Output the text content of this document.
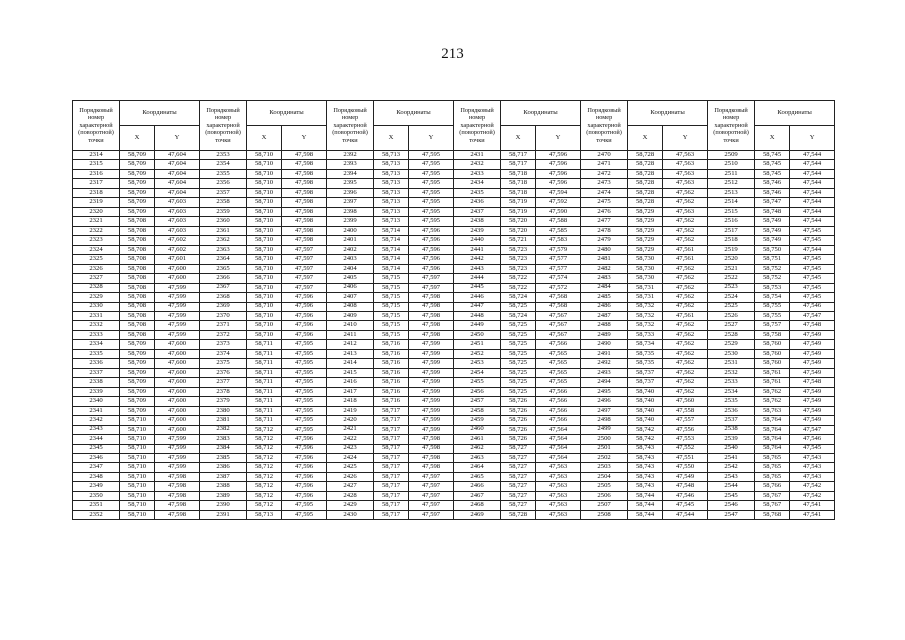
213
Порядковый номер характерной (поворотной) точки	Координаты		Порядковый номер характерной (поворотной) точки	Координаты		Порядковый номер характерной (поворотной) точки	Координаты		Порядковый номер характерной (поворотной) точки	Координаты		Порядковый номер характерной (поворотной) точки	Координаты		Порядковый номер характерной (поворотной) точки	Координаты	
	X	Y		X	Y		X	Y		X	Y		X	Y		X	Y
2314	58,709	47,604	2353	58,710	47,598	2392	58,713	47,595	2431	58,717	47,596	2470	58,728	47,563	2509	58,745	47,544
2315	58,709	47,604	2354	58,710	47,598	2393	58,713	47,595	2432	58,717	47,596	2471	58,728	47,563	2510	58,745	47,544
2316	58,709	47,604	2355	58,710	47,598	2394	58,713	47,595	2433	58,718	47,596	2472	58,728	47,563	2511	58,745	47,544
2317	58,709	47,604	2356	58,710	47,598	2395	58,713	47,595	2434	58,718	47,596	2473	58,728	47,563	2512	58,746	47,544
2318	58,709	47,604	2357	58,710	47,598	2396	58,713	47,595	2435	58,718	47,594	2474	58,728	47,562	2513	58,746	47,544
2319	58,709	47,603	2358	58,710	47,598	2397	58,713	47,595	2436	58,719	47,592	2475	58,728	47,562	2514	58,747	47,544
2320	58,709	47,603	2359	58,710	47,598	2398	58,713	47,595	2437	58,719	47,590	2476	58,729	47,563	2515	58,748	47,544
2321	58,708	47,603	2360	58,710	47,598	2399	58,713	47,595	2438	58,720	47,588	2477	58,729	47,562	2516	58,749	47,544
2322	58,708	47,603	2361	58,710	47,598	2400	58,714	47,596	2439	58,720	47,585	2478	58,729	47,562	2517	58,749	47,545
2323	58,708	47,602	2362	58,710	47,598	2401	58,714	47,596	2440	58,721	47,583	2479	58,729	47,562	2518	58,749	47,545
2324	58,708	47,602	2363	58,710	47,597	2402	58,714	47,596	2441	58,723	47,579	2480	58,729	47,561	2519	58,750	47,544
2325	58,708	47,601	2364	58,710	47,597	2403	58,714	47,596	2442	58,723	47,577	2481	58,730	47,561	2520	58,751	47,545
2326	58,708	47,600	2365	58,710	47,597	2404	58,714	47,596	2443	58,723	47,577	2482	58,730	47,562	2521	58,752	47,545
2327	58,708	47,600	2366	58,710	47,597	2405	58,715	47,597	2444	58,722	47,574	2483	58,730	47,562	2522	58,752	47,545
2328	58,708	47,599	2367	58,710	47,597	2406	58,715	47,597	2445	58,722	47,572	2484	58,731	47,562	2523	58,753	47,545
2329	58,708	47,599	2368	58,710	47,596	2407	58,715	47,598	2446	58,724	47,568	2485	58,731	47,562	2524	58,754	47,545
2330	58,708	47,599	2369	58,710	47,596	2408	58,715	47,598	2447	58,725	47,568	2486	58,732	47,562	2525	58,755	47,546
2331	58,708	47,599	2370	58,710	47,596	2409	58,715	47,598	2448	58,724	47,567	2487	58,732	47,561	2526	58,755	47,547
2332	58,708	47,599	2371	58,710	47,596	2410	58,715	47,598	2449	58,725	47,567	2488	58,732	47,562	2527	58,757	47,548
2333	58,708	47,599	2372	58,710	47,596	2411	58,715	47,598	2450	58,725	47,567	2489	58,733	47,562	2528	58,758	47,549
2334	58,709	47,600	2373	58,711	47,595	2412	58,716	47,599	2451	58,725	47,566	2490	58,734	47,562	2529	58,760	47,549
2335	58,709	47,600	2374	58,711	47,595	2413	58,716	47,599	2452	58,725	47,565	2491	58,735	47,562	2530	58,760	47,549
2336	58,709	47,600	2375	58,711	47,595	2414	58,716	47,599	2453	58,725	47,565	2492	58,735	47,562	2531	58,760	47,549
2337	58,709	47,600	2376	58,711	47,595	2415	58,716	47,599	2454	58,725	47,565	2493	58,737	47,562	2532	58,761	47,549
2338	58,709	47,600	2377	58,711	47,595	2416	58,716	47,599	2455	58,725	47,565	2494	58,737	47,562	2533	58,761	47,548
2339	58,709	47,600	2378	58,711	47,595	2417	58,716	47,599	2456	58,725	47,566	2495	58,740	47,562	2534	58,762	47,549
2340	58,709	47,600	2379	58,711	47,595	2418	58,716	47,599	2457	58,726	47,566	2496	58,740	47,560	2535	58,762	47,549
2341	58,709	47,600	2380	58,711	47,595	2419	58,717	47,599	2458	58,726	47,566	2497	58,740	47,558	2536	58,763	47,549
2342	58,710	47,600	2381	58,711	47,595	2420	58,717	47,599	2459	58,726	47,566	2498	58,740	47,557	2537	58,764	47,549
2343	58,710	47,600	2382	58,712	47,595	2421	58,717	47,599	2460	58,726	47,564	2499	58,742	47,556	2538	58,764	47,547
2344	58,710	47,599	2383	58,712	47,596	2422	58,717	47,598	2461	58,726	47,564	2500	58,742	47,553	2539	58,764	47,546
2345	58,710	47,599	2384	58,712	47,596	2423	58,717	47,598	2462	58,727	47,564	2501	58,743	47,552	2540	58,764	47,545
2346	58,710	47,599	2385	58,712	47,596	2424	58,717	47,598	2463	58,727	47,564	2502	58,743	47,551	2541	58,765	47,543
2347	58,710	47,599	2386	58,712	47,596	2425	58,717	47,598	2464	58,727	47,563	2503	58,743	47,550	2542	58,765	47,543
2348	58,710	47,598	2387	58,712	47,596	2426	58,717	47,597	2465	58,727	47,563	2504	58,743	47,549	2543	58,765	47,543
2349	58,710	47,598	2388	58,712	47,596	2427	58,717	47,597	2466	58,727	47,563	2505	58,743	47,548	2544	58,766	47,542
2350	58,710	47,598	2389	58,712	47,596	2428	58,717	47,597	2467	58,727	47,563	2506	58,744	47,546	2545	58,767	47,542
2351	58,710	47,598	2390	58,712	47,595	2429	58,717	47,597	2468	58,727	47,563	2507	58,744	47,545	2546	58,767	47,541
2352	58,710	47,598	2391	58,713	47,595	2430	58,717	47,597	2469	58,728	47,563	2508	58,744	47,544	2547	58,768	47,541
